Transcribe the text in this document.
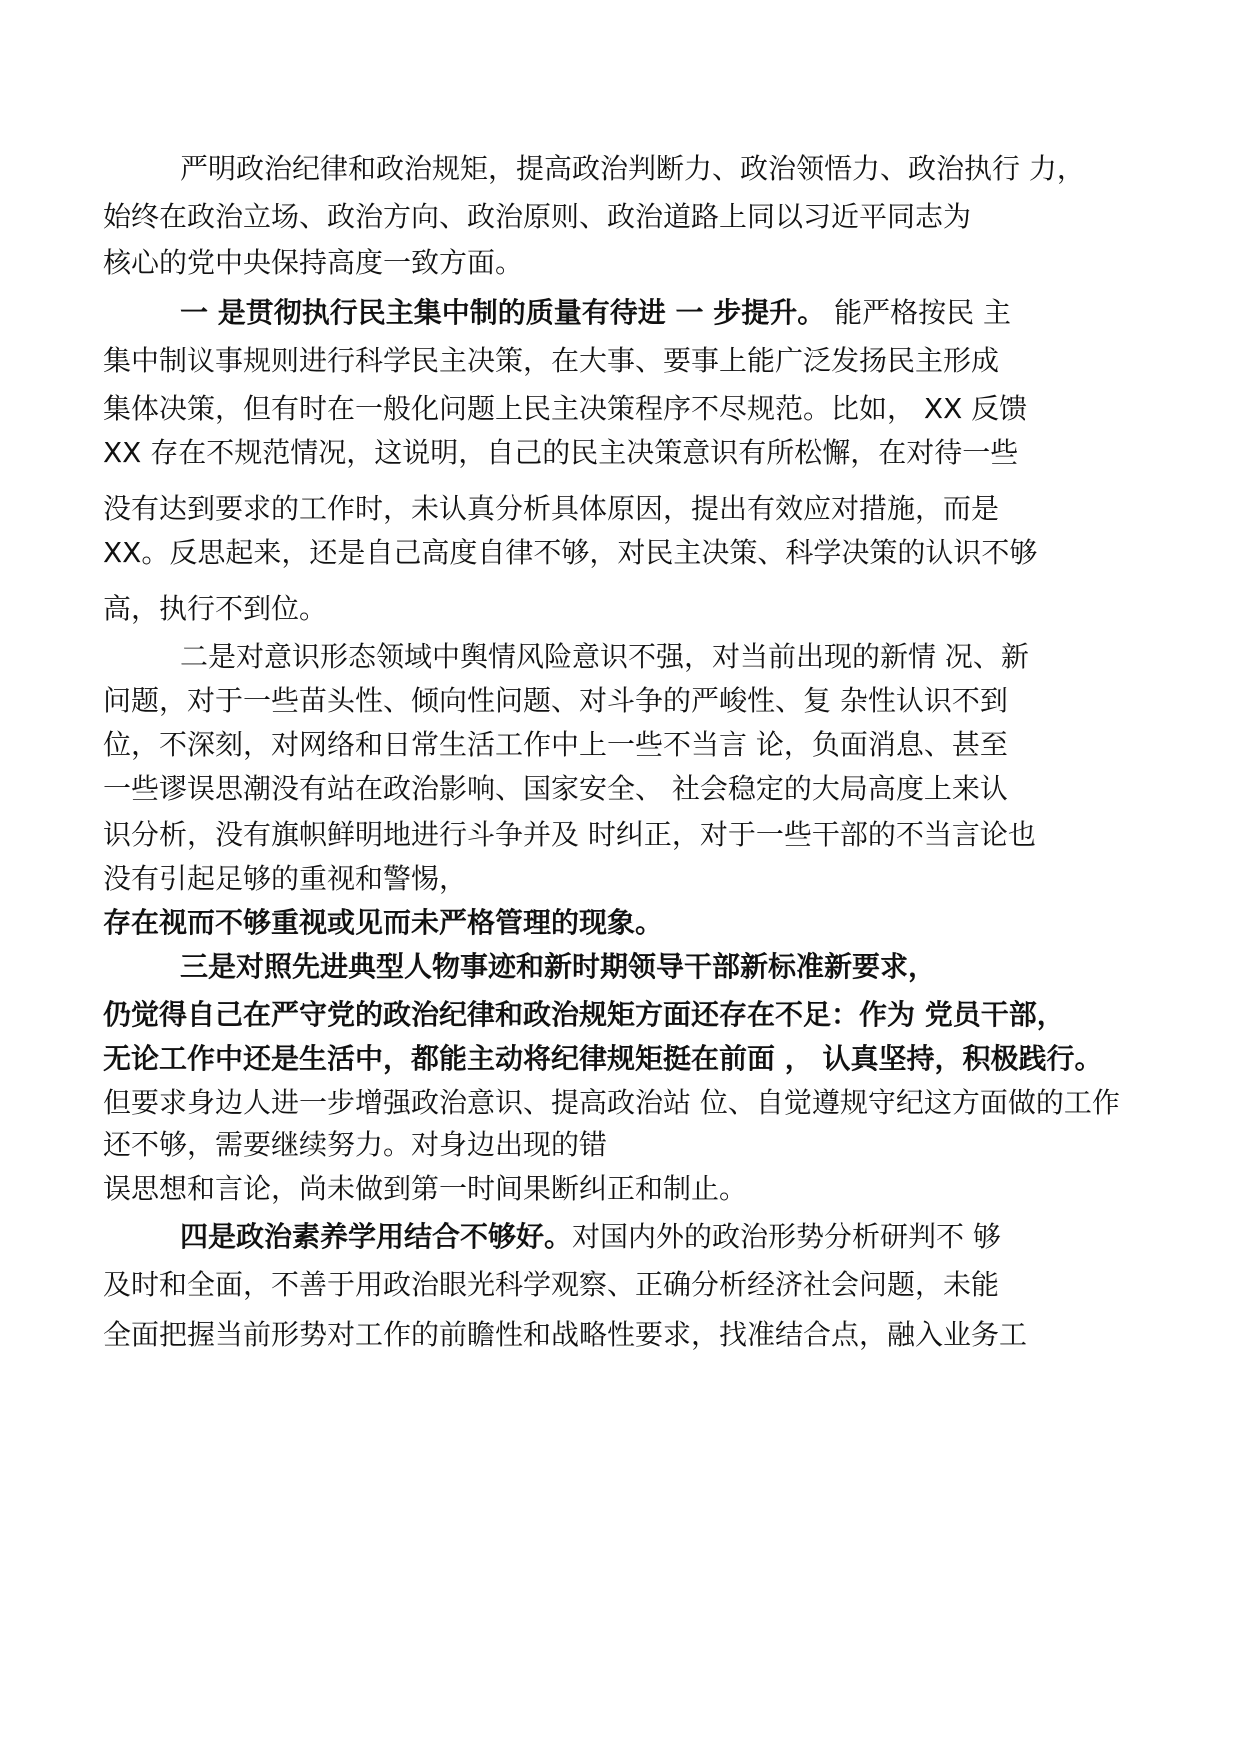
严明政治纪律和政治规矩，提高政治判断力、政治领悟力、政治执行 力，

始终在政治立场、政治方向、政治原则、政治道路上同以习近平同志为

核心的党中央保持高度一致方面。

一 是贯彻执行民主集中制的质量有待进 一 步提升。 能严格按民 主

集中制议事规则进行科学民主决策，在大事、要事上能广泛发扬民主形成

集体决策，但有时在一般化问题上民主决策程序不尽规范。比如， XX 反馈

XX 存在不规范情况，这说明，自己的民主决策意识有所松懈，在对待一些

没有达到要求的工作时，未认真分析具体原因，提出有效应对措施，而是

XX。反思起来，还是自己高度自律不够，对民主决策、科学决策的认识不够

高，执行不到位。

二是对意识形态领域中舆情风险意识不强，对当前出现的新情 况、新

问题，对于一些苗头性、倾向性问题、对斗争的严峻性、复 杂性认识不到

位，不深刻，对网络和日常生活工作中上一些不当言 论，负面消息、甚至

一些谬误思潮没有站在政治影响、国家安全、 社会稳定的大局高度上来认

识分析，没有旗帜鲜明地进行斗争并及 时纠正，对于一些干部的不当言论也

没有引起足够的重视和警惕，

存在视而不够重视或见而未严格管理的现象。

三是对照先进典型人物事迹和新时期领导干部新标准新要求，

仍觉得自己在严守党的政治纪律和政治规矩方面还存在不足：作为 党员干部，

无论工作中还是生活中，都能主动将纪律规矩挺在前面 ， 认真坚持，积极践行。

但要求身边人进一步增强政治意识、提高政治站 位、自觉遵规守纪这方面做的工作

还不够，需要继续努力。对身边出现的错

误思想和言论，尚未做到第一时间果断纠正和制止。

四是政治素养学用结合不够好。对国内外的政治形势分析研判不 够

及时和全面，不善于用政治眼光科学观察、正确分析经济社会问题，未能

全面把握当前形势对工作的前瞻性和战略性要求，找准结合点，融入业务工
